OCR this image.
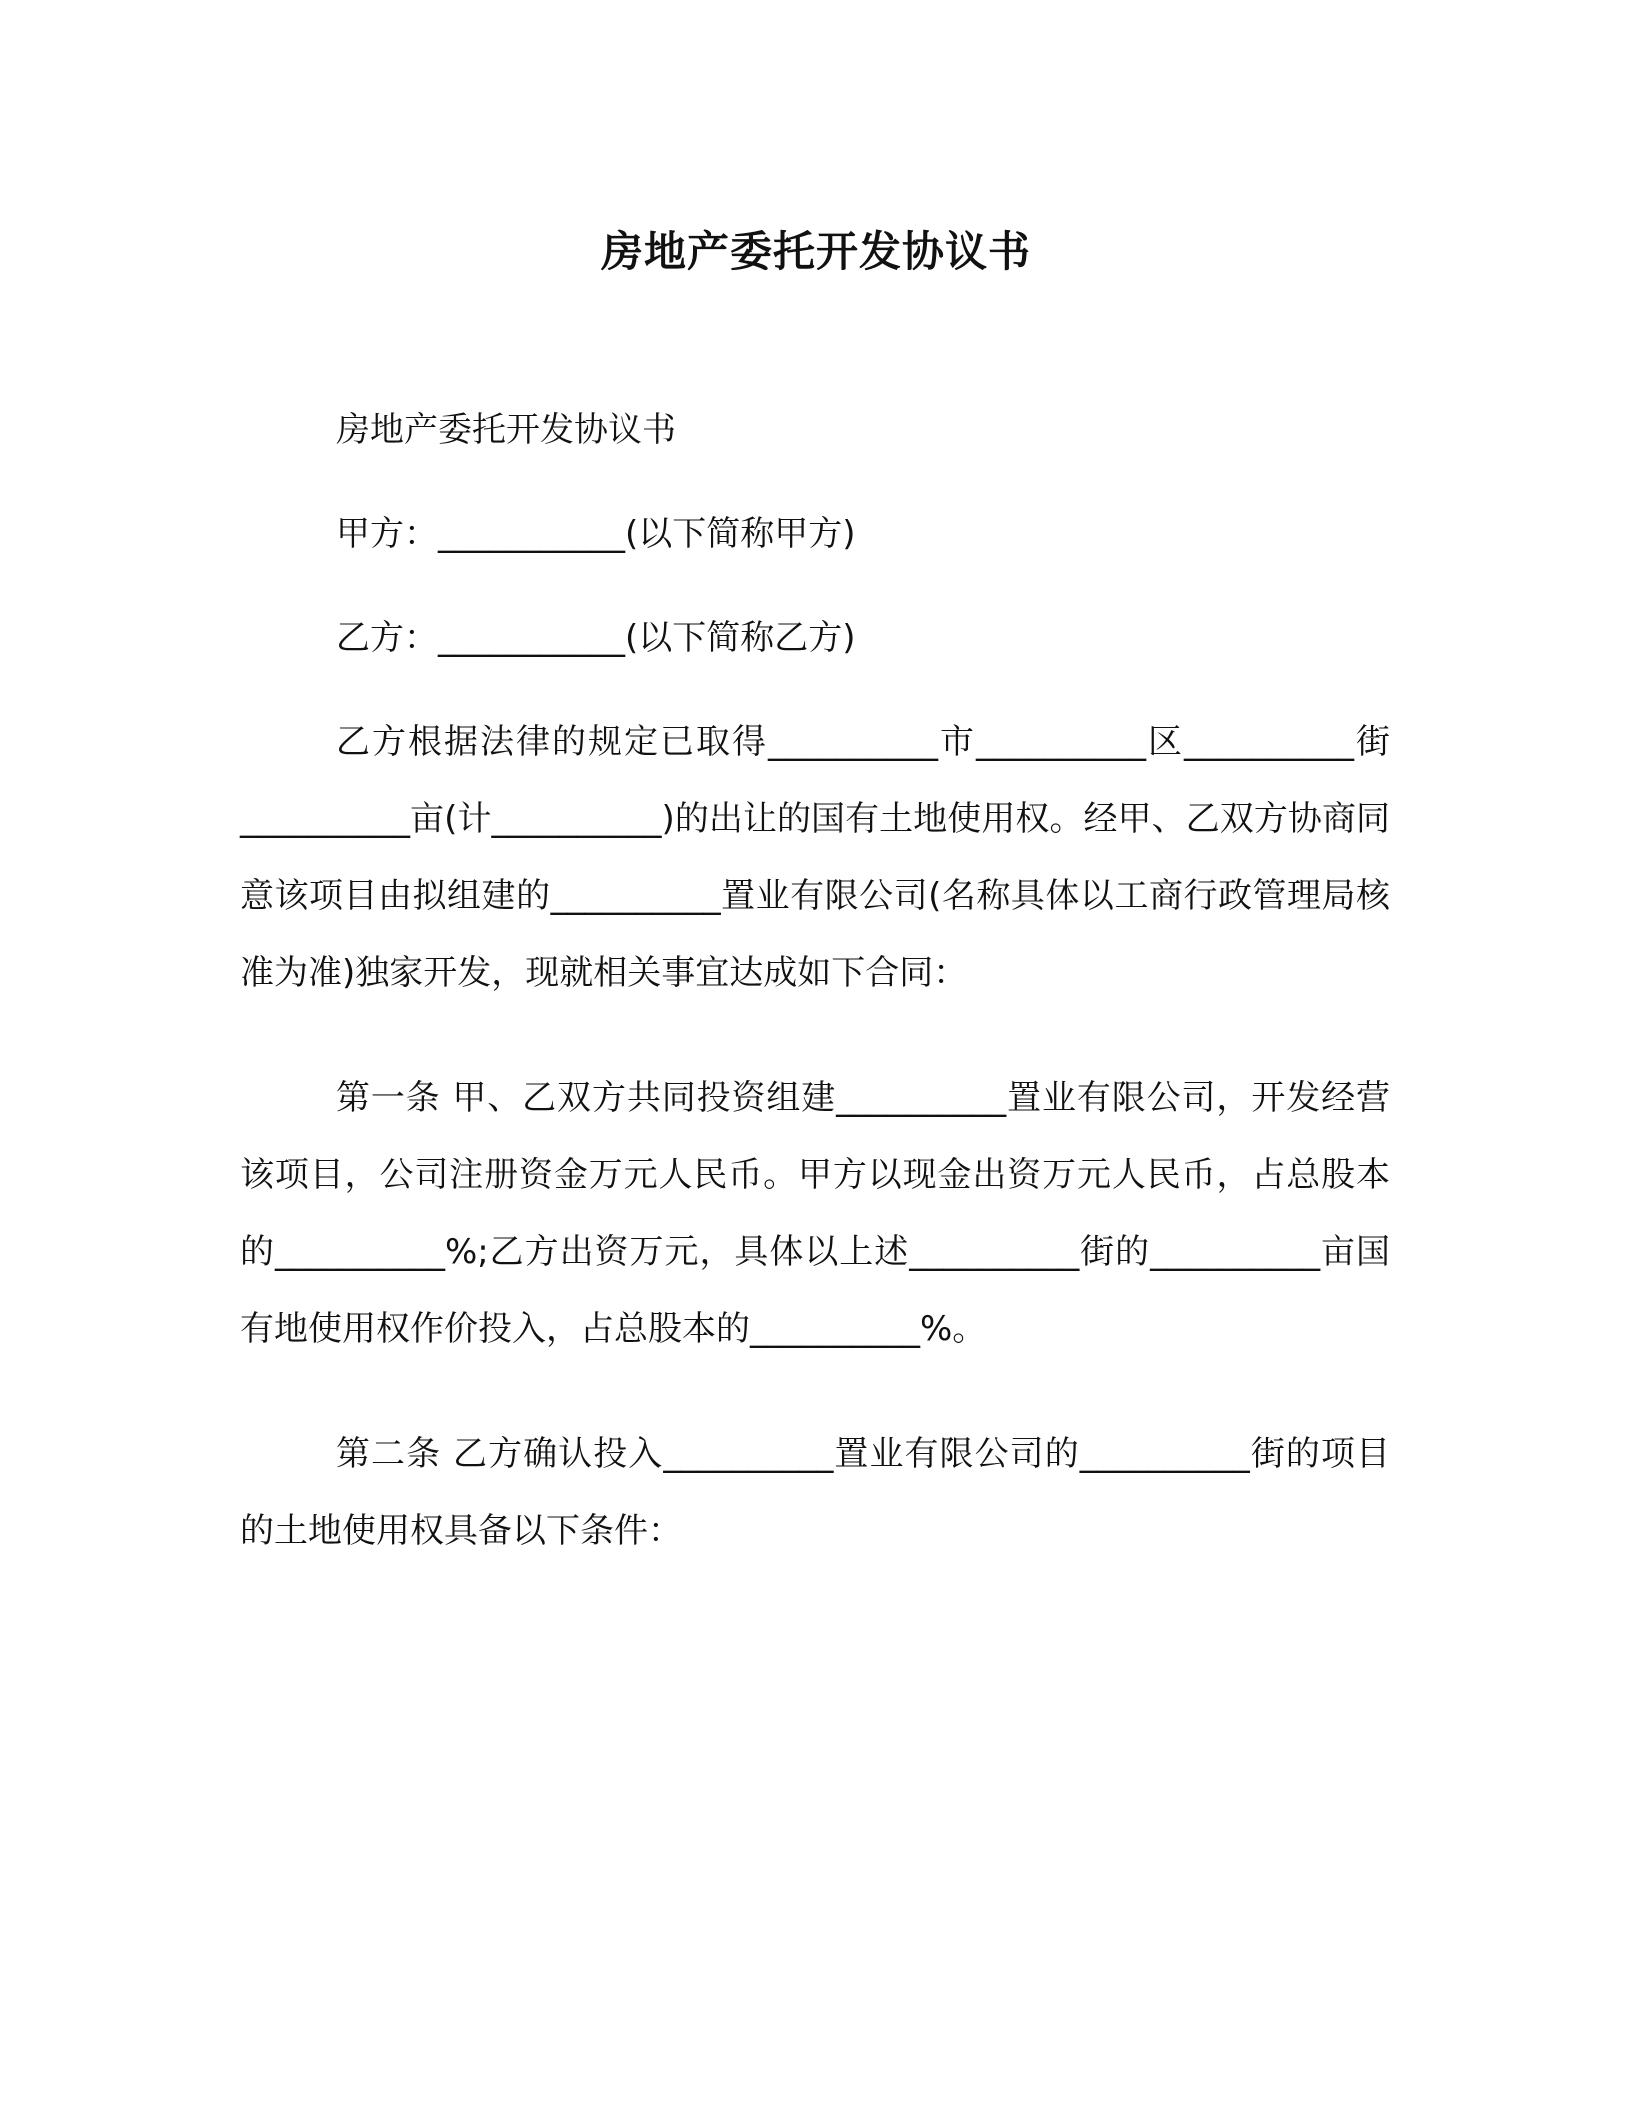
房地产委托开发协议书

房地产委托开发协议书

甲方：___________(以下简称甲方)

乙方：___________(以下简称乙方)

乙方根据法律的规定已取得__________市__________区__________街__________亩(计__________)的出让的国有土地使用权。经甲、乙双方协商同意该项目由拟组建的__________置业有限公司(名称具体以工商行政管理局核准为准)独家开发，现就相关事宜达成如下合同：

第一条 甲、乙双方共同投资组建__________置业有限公司，开发经营该项目，公司注册资金万元人民币。甲方以现金出资万元人民币，占总股本的__________%;乙方出资万元，具体以上述__________街的__________亩国有地使用权作价投入，占总股本的__________%。

第二条 乙方确认投入__________置业有限公司的__________街的项目的土地使用权具备以下条件：
